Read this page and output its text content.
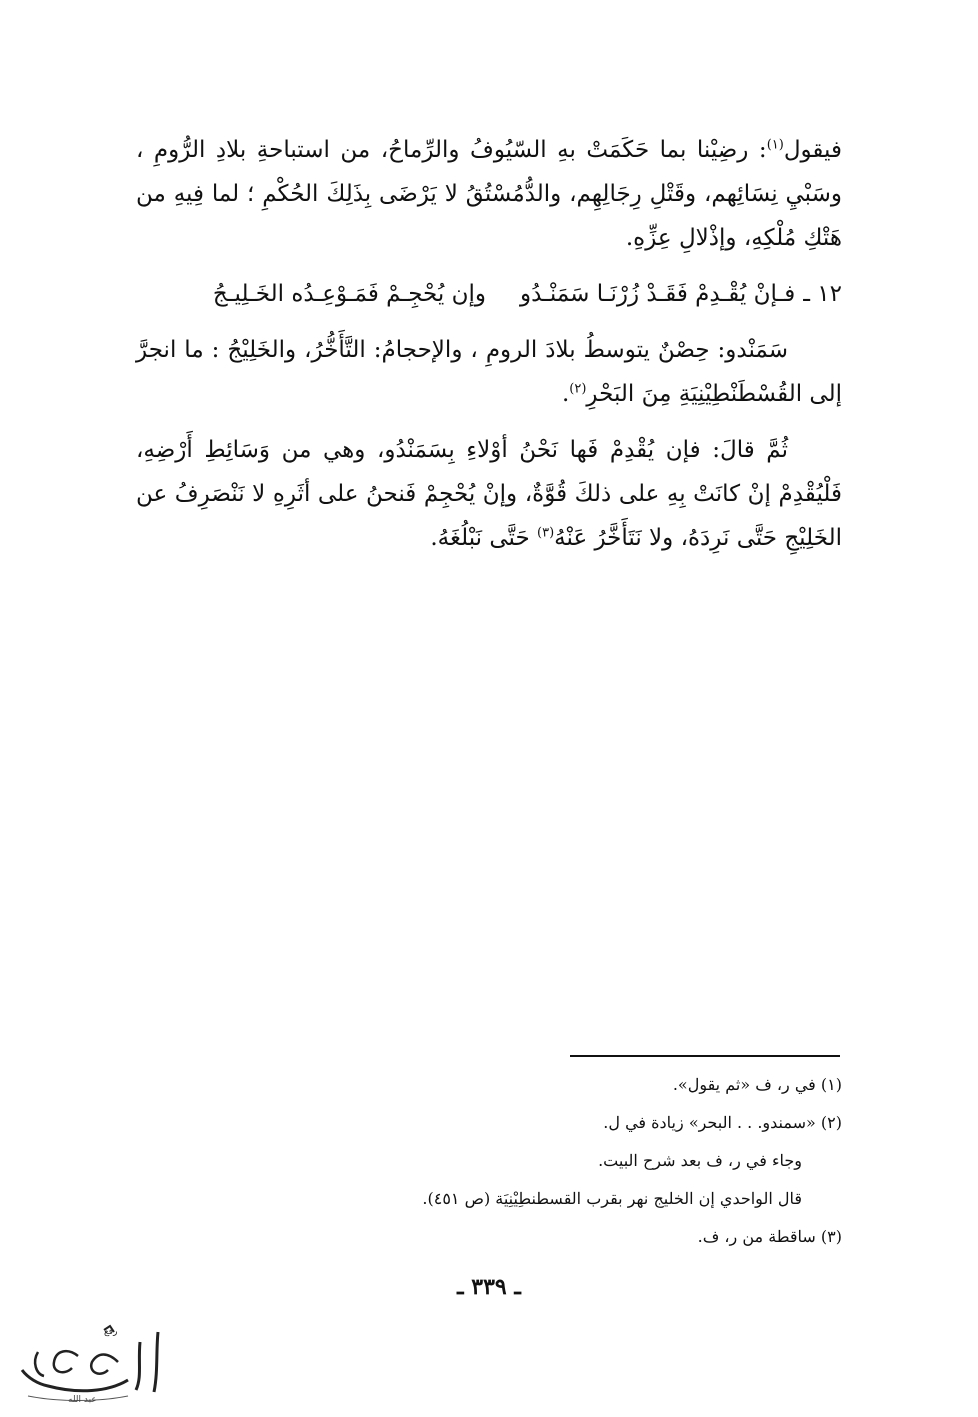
فيقول$^{(١)}$: رضِيْنا بما حَكَمَتْ بهِ السّيُوفُ والرِّماحُ، من استباحةِ بلادِ الرُّومِ ، وسَبْيِ نِسَائِهم، وقَتْلِ رِجَالِهِم، والدُّمُسْتُقُ لا يَرْضَى بِذَلِكَ الحُكْمِ ؛ لما فِيهِ من هَتْكِ مُلْكِهِ، وإذْلالِ عِزِّهِ.

١٢ ـ
فـإنْ يُقْـدِمْ فَقَـدْ زُرْنَـا سَمَنْـدُو
وإن يُحْجِـمْ فَمَـوْعِـدُه الخَـلِيـجُ

سَمَنْدو: حِصْنٌ يتوسطُ بلادَ الرومِ ، والإحجامُ: التَّأَخُّرُ، والخَلِيْجُ : ما انجرَّ إلى القُسْطَنْطِيْنِيَةِ مِنَ البَحْرِ$^{(٢)}$.

ثُمَّ قالَ: فإن يُقْدِمْ فَها نَحْنُ أوْلاءِ بِسَمَنْدُو، وهي من وَسَائِطِ أَرْضِهِ، فَلْيُقْدِمْ إنْ كانَتْ بِهِ على ذلكَ قُوَّةٌ، وإنْ يُحْجِمْ فَنحنُ على أثَرِهِ لا نَنْصَرِفُ عن الخَلِيْجِ حَتَّى نَرِدَهُ، ولا نَتَأَخَّرُ عَنْهُ$^{(٣)}$ حَتَّى نَبْلُغَهُ.

(١) في ر، ف «ثم يقول».
(٢) «سمندو. . . البحر» زيادة في ل.
وجاء في ر، ف بعد شرح البيت.
قال الواحدي إن الخليج نهر بقرب القسطنطِيْنِيَة (ص ٤٥١).
(٣) ساقطة من ر، ف.
ـ ٣٣٩ ـ
عبد الله
رفع
